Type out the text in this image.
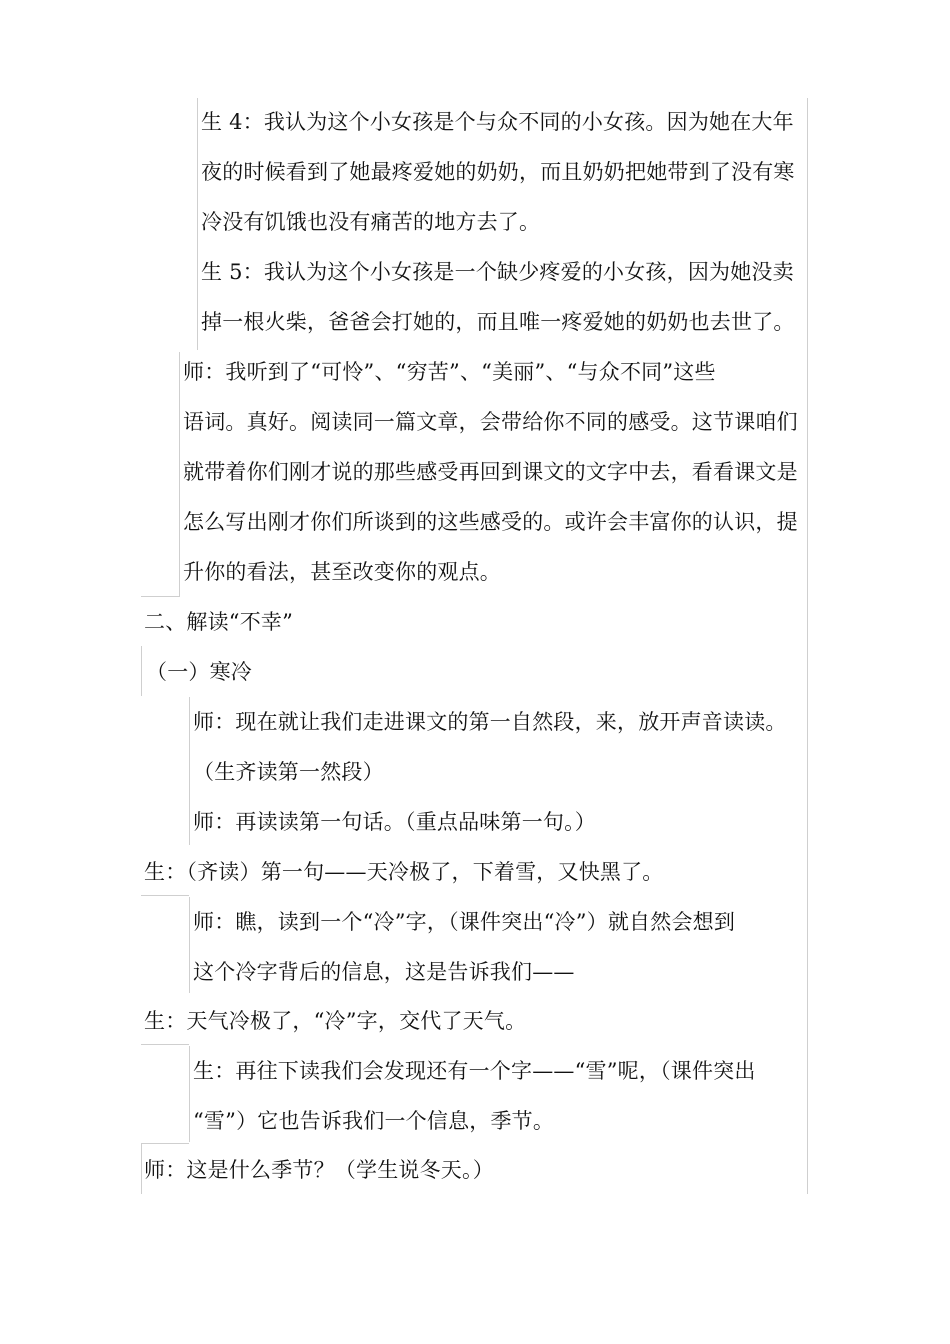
生 4：我认为这个小女孩是个与众不同的小女孩。因为她在大年
夜的时候看到了她最疼爱她的奶奶，而且奶奶把她带到了没有寒
冷没有饥饿也没有痛苦的地方去了。
生 5：我认为这个小女孩是一个缺少疼爱的小女孩，因为她没卖
掉一根火柴，爸爸会打她的，而且唯一疼爱她的奶奶也去世了。
师：我听到了“可怜”、“穷苦”、“美丽”、“与众不同”这些
语词。真好。阅读同一篇文章，会带给你不同的感受。这节课咱们
就带着你们刚才说的那些感受再回到课文的文字中去，看看课文是
怎么写出刚才你们所谈到的这些感受的。或许会丰富你的认识，提
升你的看法，甚至改变你的观点。
二、解读“不幸”
（一）寒冷
师：现在就让我们走进课文的第一自然段，来，放开声音读读。
（生齐读第一然段）
师：再读读第一句话。（重点品味第一句。）
生：（齐读）第一句——天冷极了，下着雪，又快黑了。
师：瞧，读到一个“冷”字，（课件突出“冷”）就自然会想到
这个冷字背后的信息，这是告诉我们——
生：天气冷极了，“冷”字，交代了天气。
生：再往下读我们会发现还有一个字——“雪”呢，（课件突出
“雪”）它也告诉我们一个信息，季节。
师：这是什么季节？（学生说冬天。）
